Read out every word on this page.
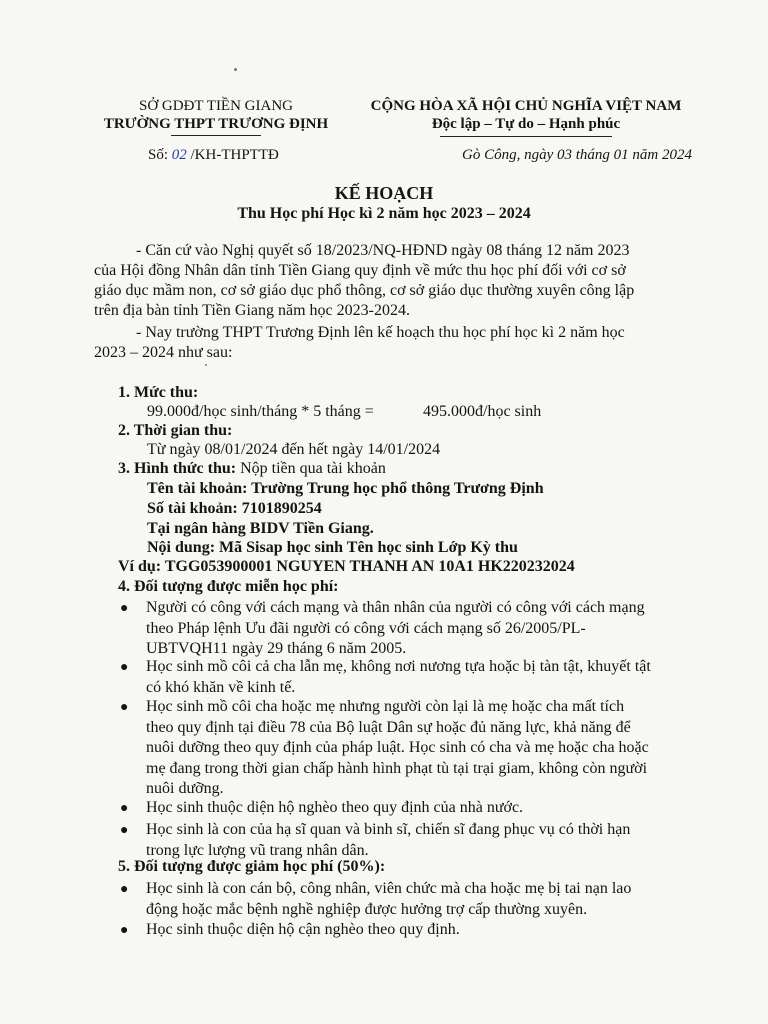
SỞ GDĐT TIỀN GIANG
TRƯỜNG THPT TRƯƠNG ĐỊNH
CỘNG HÒA XÃ HỘI CHỦ NGHĨA VIỆT NAM
Độc lập – Tự do – Hạnh phúc
Số: 02 /KH-THPTTĐ	Gò Công, ngày 03 tháng 01 năm 2024
KẾ HOẠCH
Thu Học phí Học kì 2 năm học 2023 – 2024
- Căn cứ vào Nghị quyết số 18/2023/NQ-HĐND ngày 08 tháng 12 năm 2023
của Hội đồng Nhân dân tỉnh Tiền Giang quy định về mức thu học phí đối với cơ sở
giáo dục mầm non, cơ sở giáo dục phổ thông, cơ sở giáo dục thường xuyên công lập
trên địa bàn tỉnh Tiền Giang năm học 2023-2024.
- Nay trường THPT Trương Định lên kế hoạch thu học phí học kì 2 năm học
2023 – 2024 như sau:
1. Mức thu:
99.000đ/học sinh/tháng * 5 tháng =	495.000đ/học sinh
2. Thời gian thu:
Từ ngày 08/01/2024 đến hết ngày 14/01/2024
3. Hình thức thu: Nộp tiền qua tài khoản
Tên tài khoản: Trường Trung học phổ thông Trương Định
Số tài khoản: 7101890254
Tại ngân hàng BIDV Tiền Giang.
Nội dung: Mã Sisap học sinh Tên học sinh Lớp Kỳ thu
Ví dụ: TGG053900001 NGUYEN THANH AN 10A1 HK220232024
4. Đối tượng được miễn học phí:
● Người có công với cách mạng và thân nhân của người có công với cách mạng
theo Pháp lệnh Ưu đãi người có công với cách mạng số 26/2005/PL-
UBTVQH11 ngày 29 tháng 6 năm 2005.
● Học sinh mồ côi cả cha lẫn mẹ, không nơi nương tựa hoặc bị tàn tật, khuyết tật
có khó khăn về kinh tế.
● Học sinh mồ côi cha hoặc mẹ nhưng người còn lại là mẹ hoặc cha mất tích
theo quy định tại điều 78 của Bộ luật Dân sự hoặc đủ năng lực, khả năng để
nuôi dưỡng theo quy định của pháp luật. Học sinh có cha và mẹ hoặc cha hoặc
mẹ đang trong thời gian chấp hành hình phạt tù tại trại giam, không còn người
nuôi dưỡng.
● Học sinh thuộc diện hộ nghèo theo quy định của nhà nước.
● Học sinh là con của hạ sĩ quan và binh sĩ, chiến sĩ đang phục vụ có thời hạn
trong lực lượng vũ trang nhân dân.
5. Đối tượng được giảm học phí (50%):
● Học sinh là con cán bộ, công nhân, viên chức mà cha hoặc mẹ bị tai nạn lao
động hoặc mắc bệnh nghề nghiệp được hưởng trợ cấp thường xuyên.
● Học sinh thuộc diện hộ cận nghèo theo quy định.
